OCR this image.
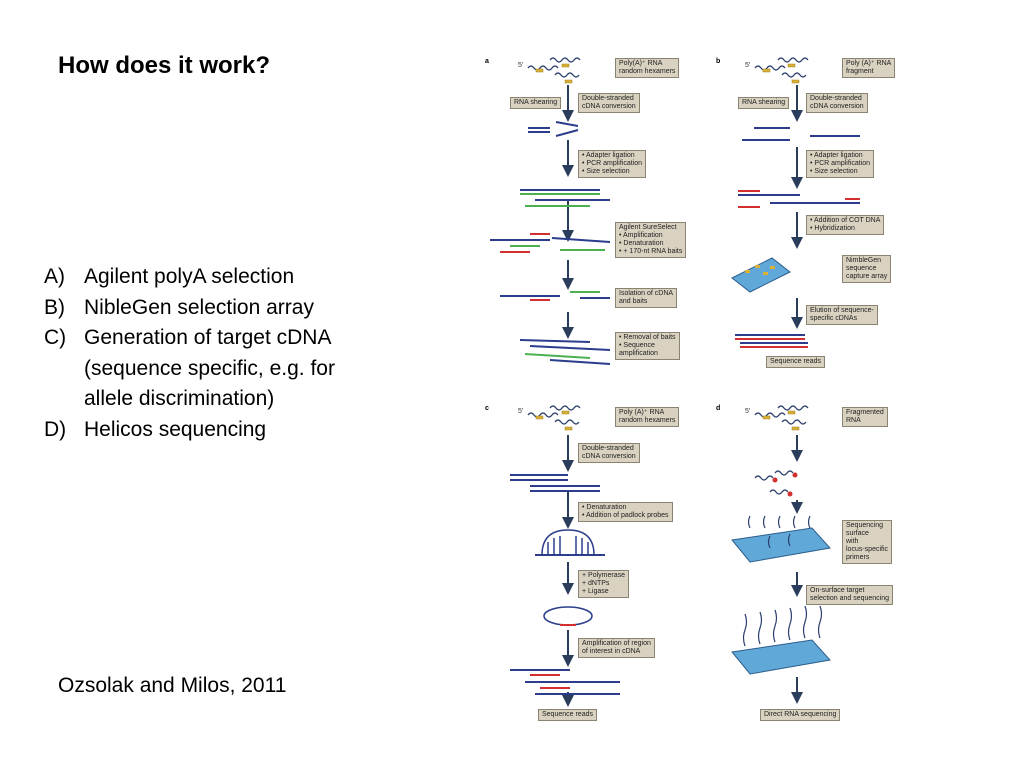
How does it work?
A) Agilent polyA selection
B) NibleGen selection array
C) Generation of target cDNA (sequence specific, e.g. for allele discrimination)
D) Helicos sequencing
Ozsolak and Milos, 2011
a	b
c	d
5′	5′
5′	5′
Poly(A)⁺ RNA
random hexamers
RNA shearing
Double-stranded
cDNA conversion
• Adapter ligation
• PCR amplification
• Size selection
Agilent SureSelect
• Amplification
• Denaturation
• + 170-nt RNA baits
Isolation of cDNA
and baits
• Removal of baits
• Sequence
amplification
Poly (A)⁺ RNA
fragment
RNA shearing
Double-stranded
cDNA conversion
• Adapter ligation
• PCR amplification
• Size selection
• Addition of COT DNA
• Hybridization
NimbleGen
sequence
capture array
Elution of sequence-
specific cDNAs
Sequence reads
Poly (A)⁺ RNA
random hexamers
Double-stranded
cDNA conversion
• Denaturation
• Addition of padlock probes
+ Polymerase
+ dNTPs
+ Ligase
Amplification of region
of interest in cDNA
Sequence reads
Fragmented
RNA
Sequencing
surface
with
locus-specific
primers
On-surface target
selection and sequencing
Direct RNA sequencing
